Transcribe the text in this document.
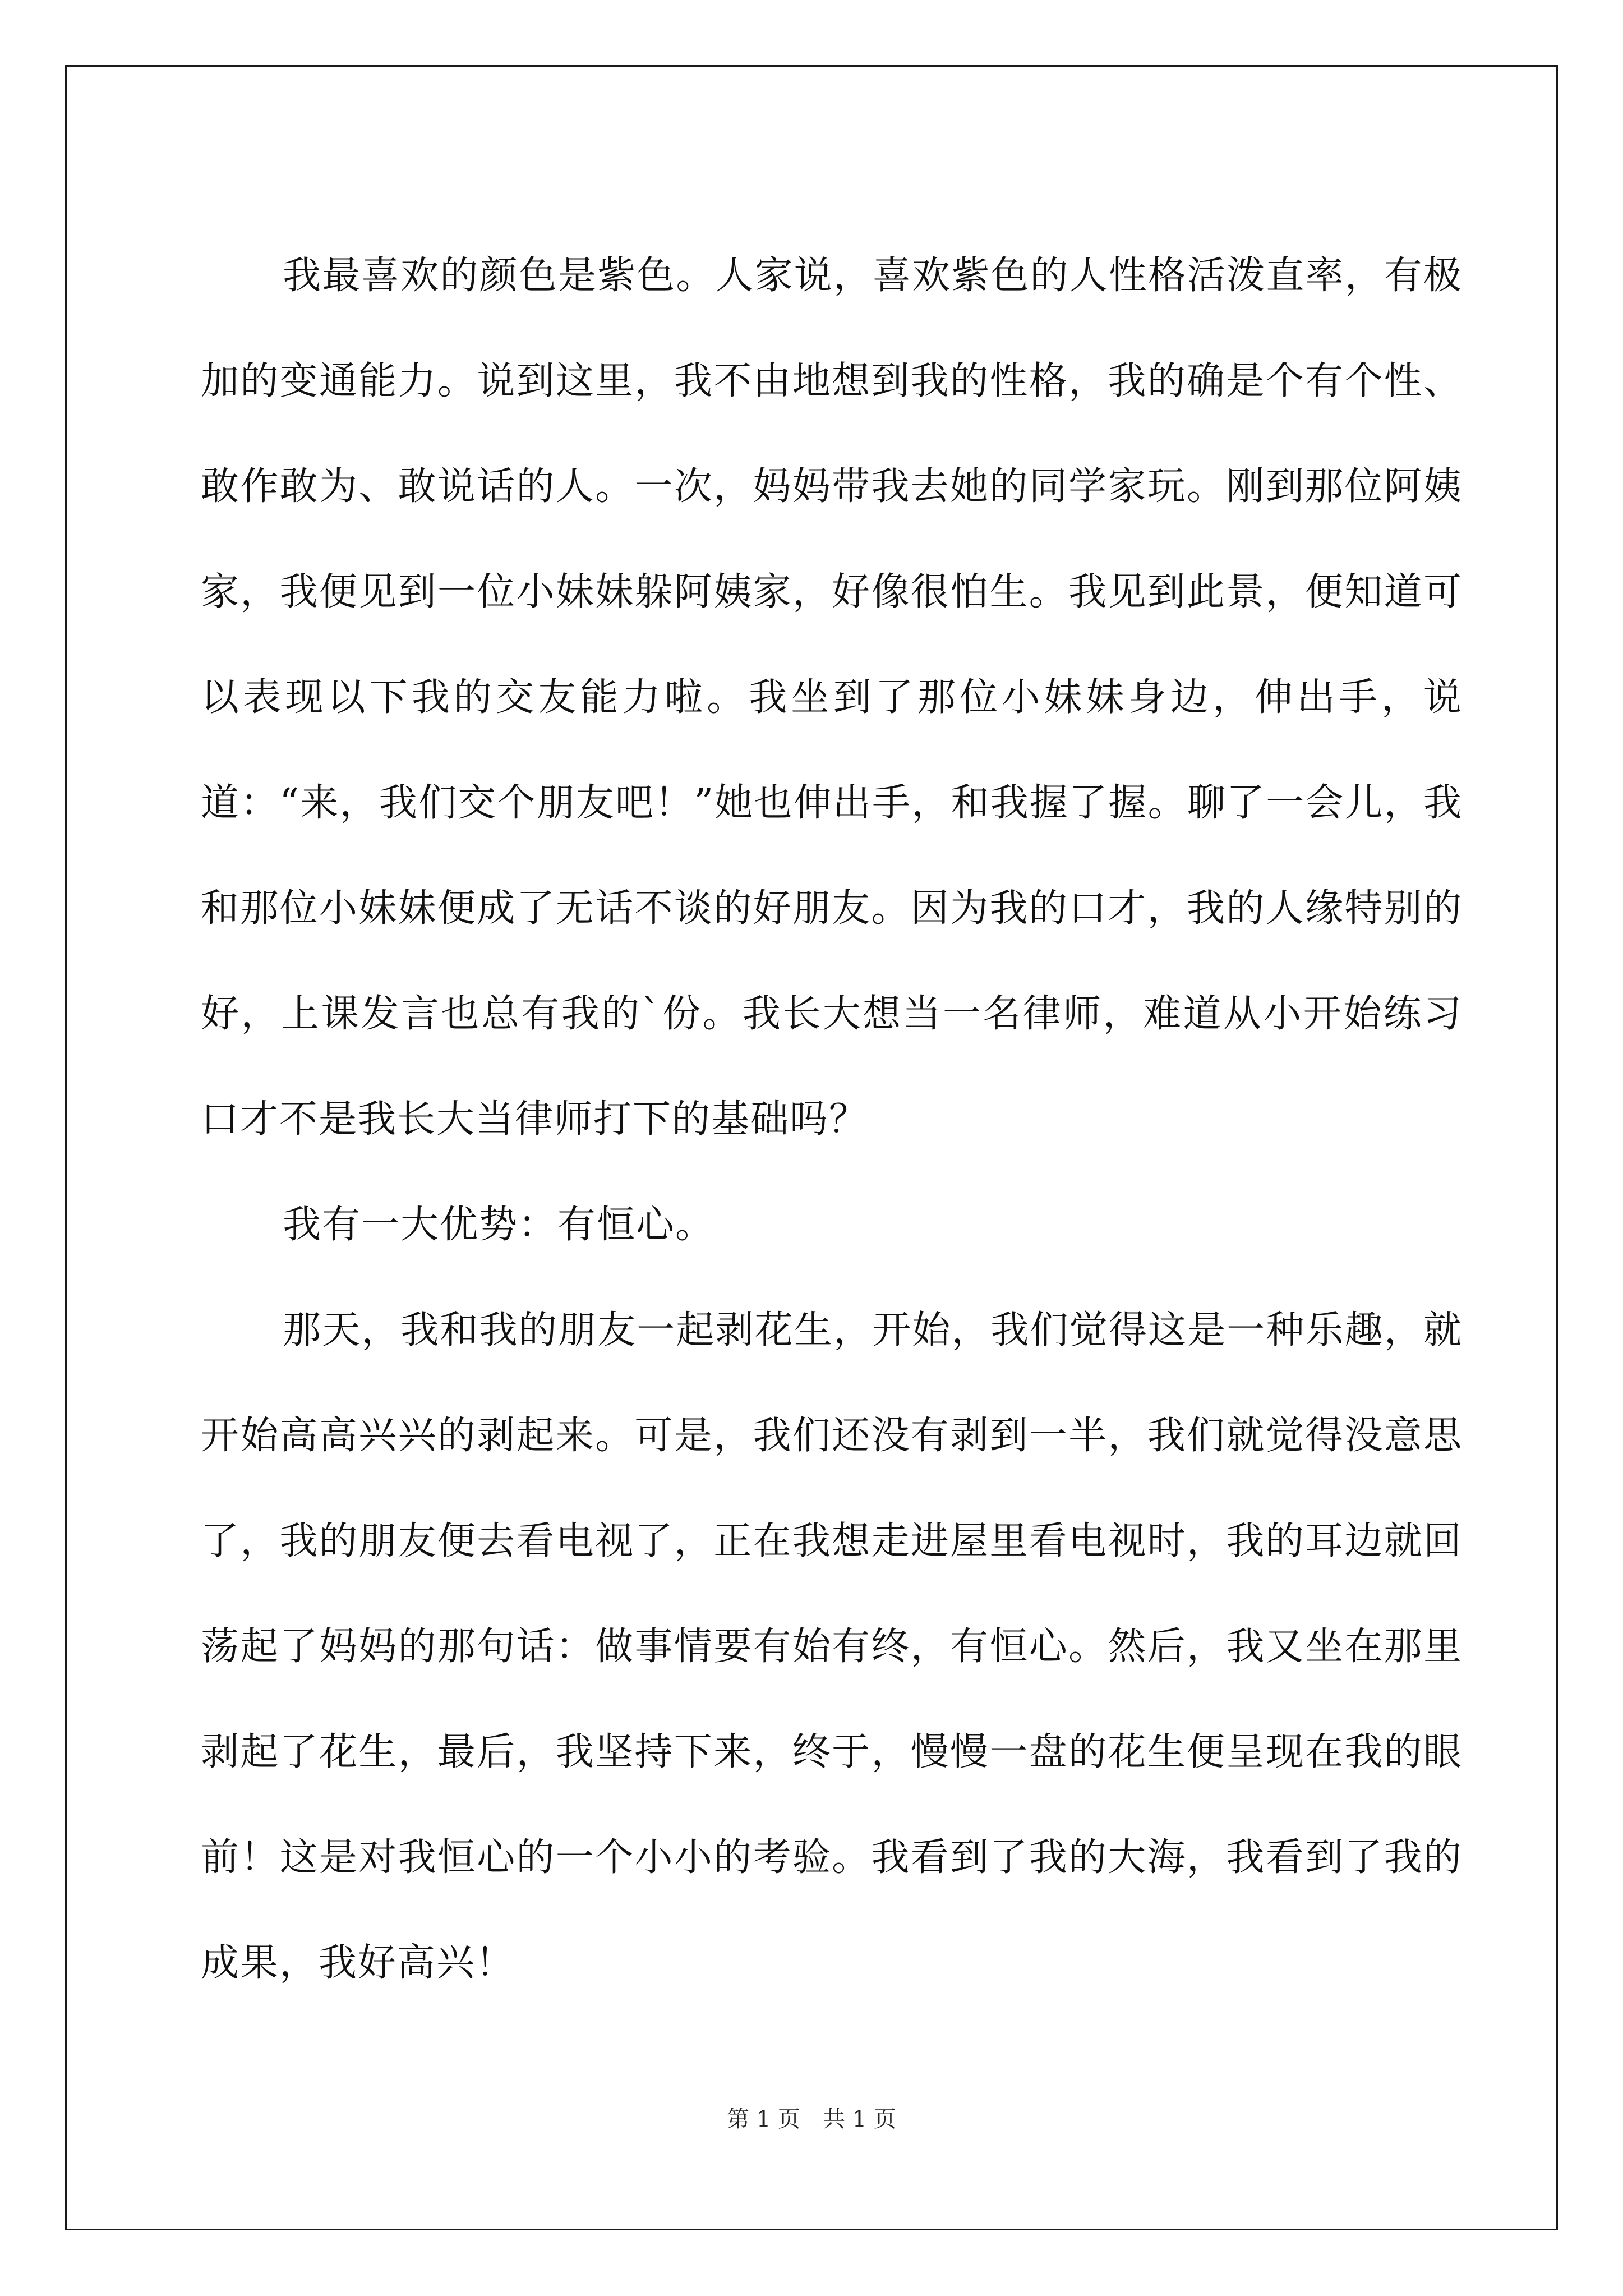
我最喜欢的颜色是紫色。人家说，喜欢紫色的人性格活泼直率，有极加的变通能力。说到这里，我不由地想到我的性格，我的确是个有个性、敢作敢为、敢说话的人。一次，妈妈带我去她的同学家玩。刚到那位阿姨家，我便见到一位小妹妹躲阿姨家，好像很怕生。我见到此景，便知道可以表现以下我的交友能力啦。我坐到了那位小妹妹身边，伸出手，说道：“来，我们交个朋友吧！”她也伸出手，和我握了握。聊了一会儿，我和那位小妹妹便成了无话不谈的好朋友。因为我的口才，我的人缘特别的好，上课发言也总有我的`份。我长大想当一名律师，难道从小开始练习口才不是我长大当律师打下的基础吗？

我有一大优势：有恒心。

那天，我和我的朋友一起剥花生，开始，我们觉得这是一种乐趣，就开始高高兴兴的剥起来。可是，我们还没有剥到一半，我们就觉得没意思了，我的朋友便去看电视了，正在我想走进屋里看电视时，我的耳边就回荡起了妈妈的那句话：做事情要有始有终，有恒心。然后，我又坐在那里剥起了花生，最后，我坚持下来，终于，慢慢一盘的花生便呈现在我的眼前！这是对我恒心的一个小小的考验。我看到了我的大海，我看到了我的成果，我好高兴！

第 1 页　共 1 页
